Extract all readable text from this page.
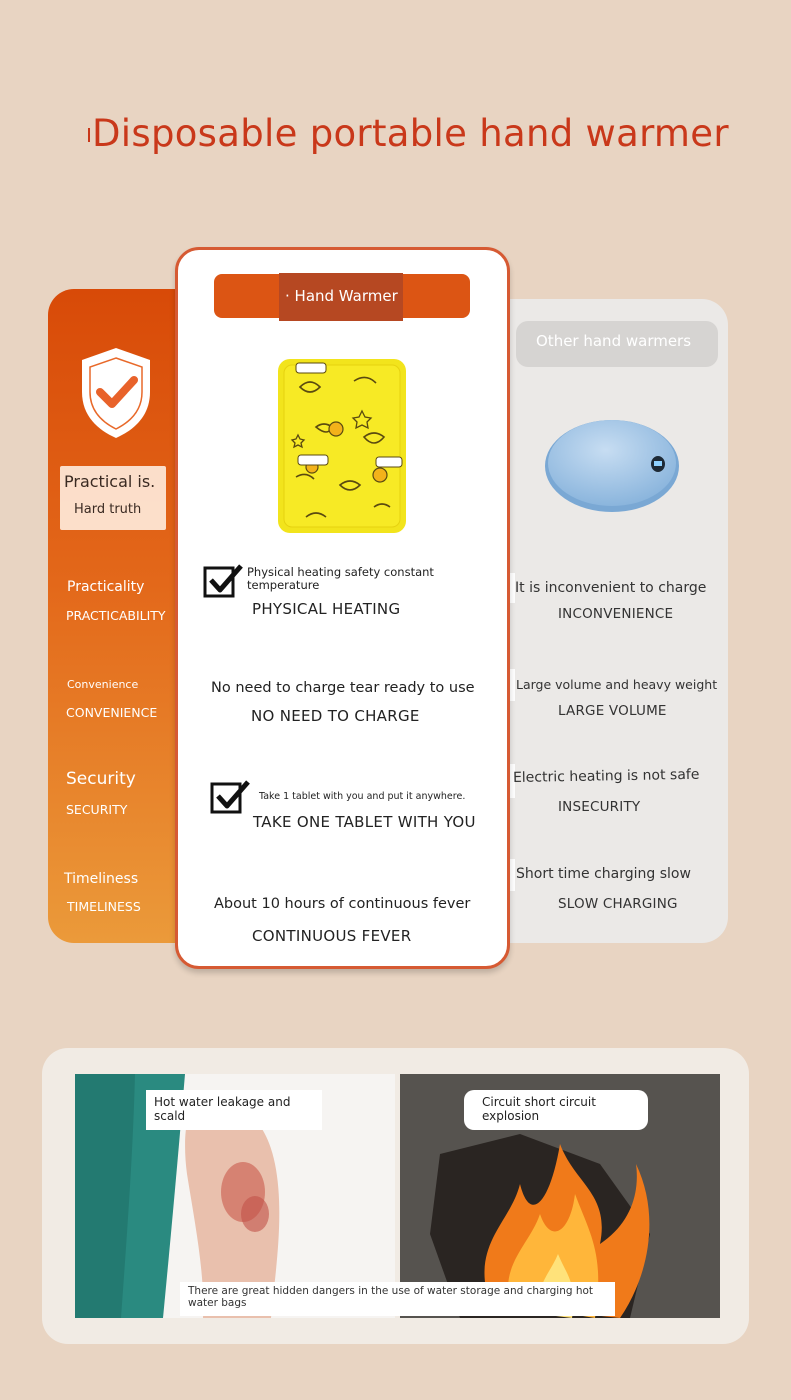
Disposable portable hand warmer
Practical is.
Hard truth
Practicality
PRACTICABILITY
Convenience
CONVENIENCE
Security
SECURITY
Timeliness
TIMELINESS
Other hand warmers
It is inconvenient to charge
INCONVENIENCE
Large volume and heavy weight
LARGE VOLUME
Electric heating is not safe
INSECURITY
Short time charging slow
SLOW CHARGING
· Hand Warmer
Physical heating safety constant temperature
PHYSICAL HEATING
No need to charge tear ready to use
NO NEED TO CHARGE
Take 1 tablet with you and put it anywhere.
TAKE ONE TABLET WITH YOU
About 10 hours of continuous fever
CONTINUOUS FEVER
Hot water leakage and scald
Circuit short circuit explosion
There are great hidden dangers in the use of water storage and charging hot water bags
